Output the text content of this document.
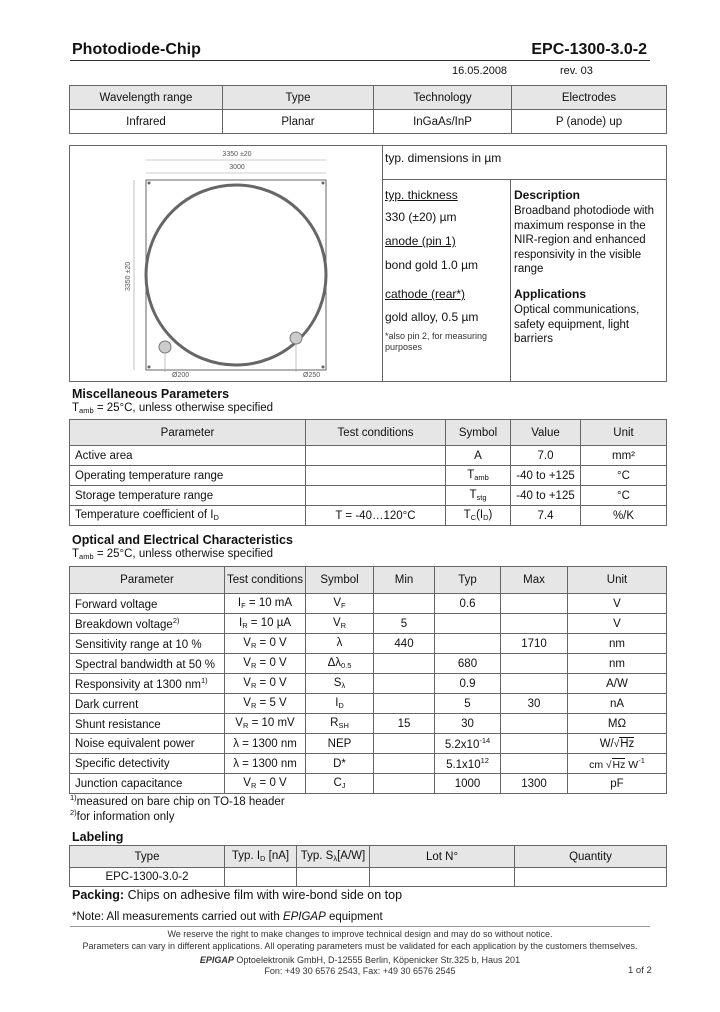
Photodiode-Chip	EPC-1300-3.0-2
16.05.2008	rev. 03
Wavelength range	Type	Technology	Electrodes
Infrared	Planar	InGaAs/InP	P (anode) up
3350 ±20
3000
3350 ±20
Ø200	Ø250
typ. dimensions in µm
typ. thickness
330 (±20) µm
anode (pin 1)
bond gold 1.0 µm
cathode (rear*)
gold alloy, 0.5 µm
*also pin 2, for measuring purposes
Description
Broadband photodiode with maximum response in the NIR-region and enhanced responsivity in the visible range
Applications
Optical communications, safety equipment, light barriers
Miscellaneous Parameters
$T_{amb} = 25^\circ C$, unless otherwise specified
Parameter	Test conditions	Symbol	Value	Unit
Active area		A	7.0	mm²
Operating temperature range		$T_{amb}$	-40 to +125	°C
Storage temperature range		$T_{stg}$	-40 to +125	°C
Temperature coefficient of $I_D$	T = -40…120°C	$T_C(I_D)$	7.4	%/K
Optical and Electrical Characteristics
$T_{amb} = 25^\circ C$, unless otherwise specified
Parameter	Test conditions	Symbol	Min	Typ	Max	Unit
Forward voltage	$I_F = 10$ mA	$V_F$		0.6		V
Breakdown voltage$^{2)}$	$I_R = 10$ µA	$V_R$	5			V
Sensitivity range at 10 %	$V_R = 0$ V	λ	440		1710	nm
Spectral bandwidth at 50 %	$V_R = 0$ V	$\Delta\lambda_{0.5}$		680		nm
Responsivity at 1300 $nm^{1)}$	$V_R = 0$ V	$S_\lambda$		0.9		A/W
Dark current	$V_R = 5$ V	$I_D$		5	30	nA
Shunt resistance	$V_R = 10$ mV	$R_{SH}$	15	30		MΩ
Noise equivalent power	λ = 1300 nm	NEP		$5.2x10^{-14}$		W/√Hz
Specific detectivity	λ = 1300 nm	D*		$5.1x10^{12}$		cm √Hz $W^{-1}$
Junction capacitance	$V_R = 0$ V	$C_J$		1000	1300	pF
$^{1)}$measured on bare chip on TO-18 header
$^{2)}$for information only
Labeling
Type	Typ. $I_D$ [nA]	Typ. $S_\lambda[A/W]$	Lot N°	Quantity
EPC-1300-3.0-2				
Packing: Chips on adhesive film with wire-bond side on top
*Note: All measurements carried out with EPIGAP equipment
We reserve the right to make changes to improve technical design and may do so without notice.
Parameters can vary in different applications. All operating parameters must be validated for each application by the customers themselves.
EPIGAP Optoelektronik GmbH, D-12555 Berlin, Köpenicker Str.325 b, Haus 201
Fon: +49 30 6576 2543, Fax: +49 30 6576 2545	1 of 2
